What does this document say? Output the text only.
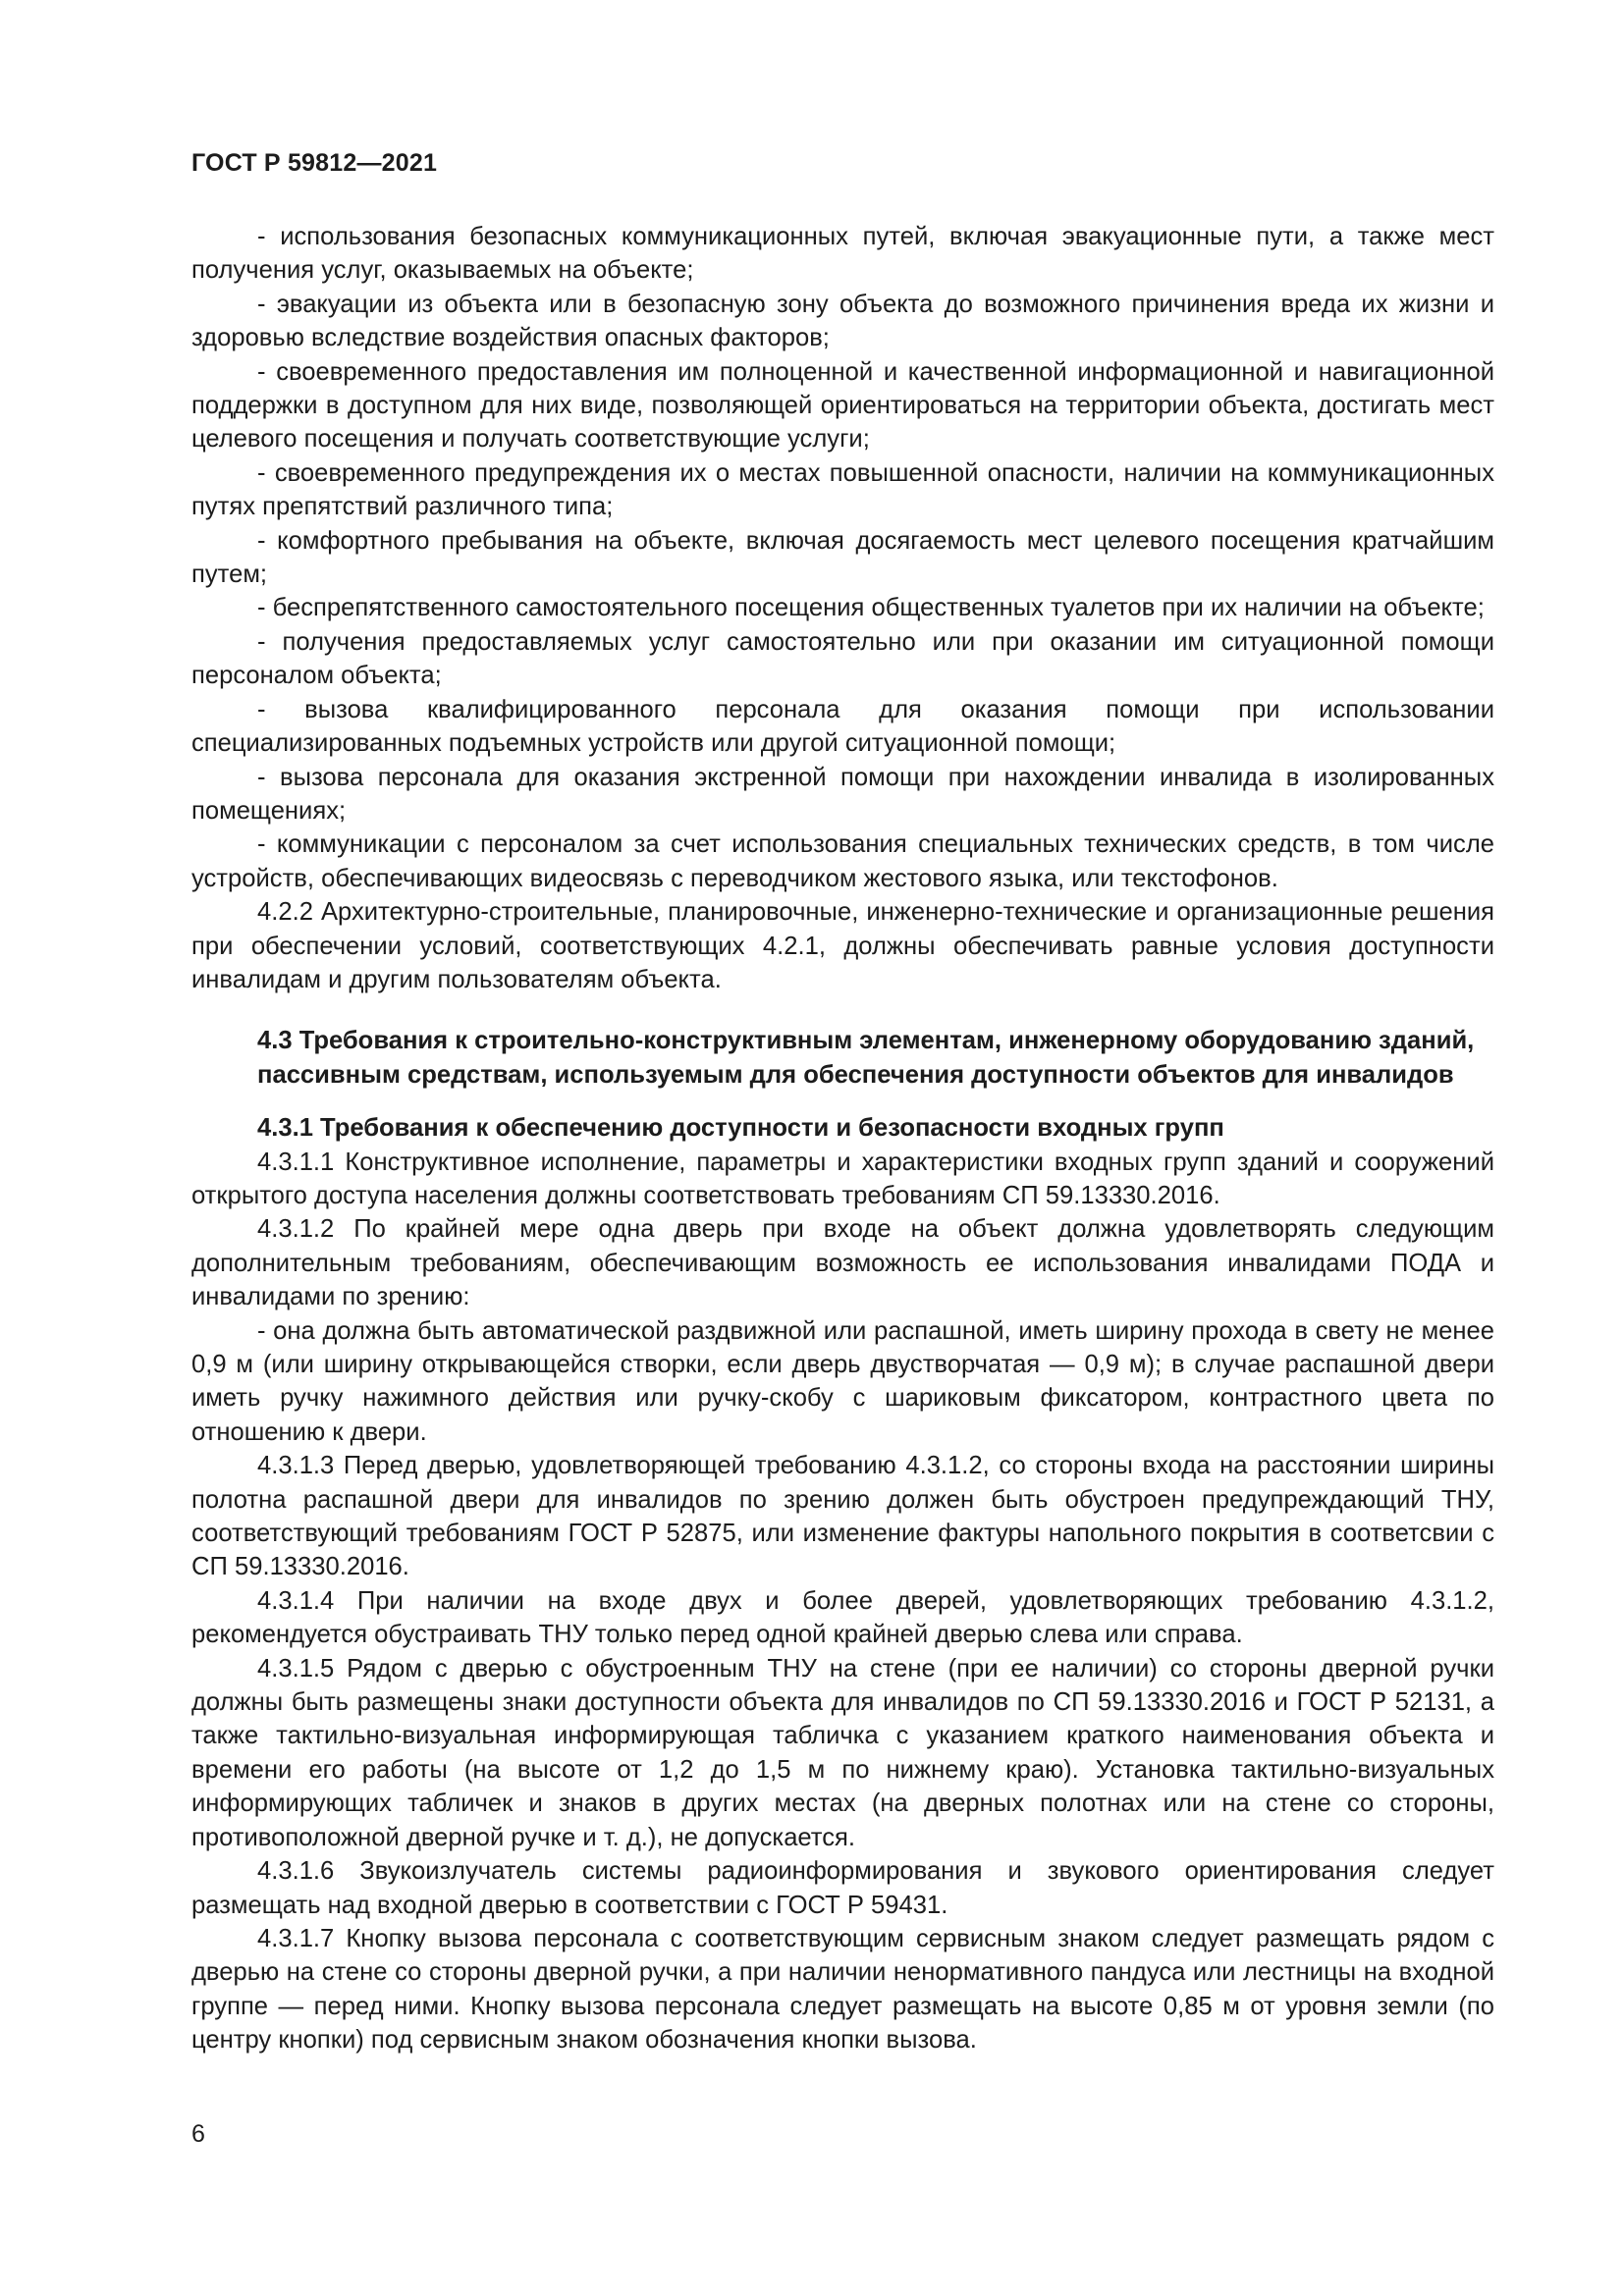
ГОСТ Р 59812—2021

- использования безопасных коммуникационных путей, включая эвакуационные пути, а также мест получения услуг, оказываемых на объекте;

- эвакуации из объекта или в безопасную зону объекта до возможного причинения вреда их жизни и здоровью вследствие воздействия опасных факторов;

- своевременного предоставления им полноценной и качественной информационной и навигационной поддержки в доступном для них виде, позволяющей ориентироваться на территории объекта, достигать мест целевого посещения и получать соответствующие услуги;

- своевременного предупреждения их о местах повышенной опасности, наличии на коммуникационных путях препятствий различного типа;

- комфортного пребывания на объекте, включая досягаемость мест целевого посещения кратчайшим путем;

- беспрепятственного самостоятельного посещения общественных туалетов при их наличии на объекте;

- получения предоставляемых услуг самостоятельно или при оказании им ситуационной помощи персоналом объекта;

- вызова квалифицированного персонала для оказания помощи при использовании специализированных подъемных устройств или другой ситуационной помощи;

- вызова персонала для оказания экстренной помощи при нахождении инвалида в изолированных помещениях;

- коммуникации с персоналом за счет использования специальных технических средств, в том числе устройств, обеспечивающих видеосвязь с переводчиком жестового языка, или текстофонов.

4.2.2 Архитектурно-строительные, планировочные, инженерно-технические и организационные решения при обеспечении условий, соответствующих 4.2.1, должны обеспечивать равные условия доступности инвалидам и другим пользователям объекта.

4.3 Требования к строительно-конструктивным элементам, инженерному оборудованию зданий, пассивным средствам, используемым для обеспечения доступности объектов для инвалидов

4.3.1 Требования к обеспечению доступности и безопасности входных групп

4.3.1.1 Конструктивное исполнение, параметры и характеристики входных групп зданий и сооружений открытого доступа населения должны соответствовать требованиям СП 59.13330.2016.

4.3.1.2 По крайней мере одна дверь при входе на объект должна удовлетворять следующим дополнительным требованиям, обеспечивающим возможность ее использования инвалидами ПОДА и инвалидами по зрению:

- она должна быть автоматической раздвижной или распашной, иметь ширину прохода в свету не менее 0,9 м (или ширину открывающейся створки, если дверь двустворчатая — 0,9 м); в случае распашной двери иметь ручку нажимного действия или ручку-скобу с шариковым фиксатором, контрастного цвета по отношению к двери.

4.3.1.3 Перед дверью, удовлетворяющей требованию 4.3.1.2, со стороны входа на расстоянии ширины полотна распашной двери для инвалидов по зрению должен быть обустроен предупреждающий ТНУ, соответствующий требованиям ГОСТ Р 52875, или изменение фактуры напольного покрытия в соответсвии с СП 59.13330.2016.

4.3.1.4 При наличии на входе двух и более дверей, удовлетворяющих требованию 4.3.1.2, рекомендуется обустраивать ТНУ только перед одной крайней дверью слева или справа.

4.3.1.5 Рядом с дверью с обустроенным ТНУ на стене (при ее наличии) со стороны дверной ручки должны быть размещены знаки доступности объекта для инвалидов по СП 59.13330.2016 и ГОСТ Р 52131, а также тактильно-визуальная информирующая табличка с указанием краткого наименования объекта и времени его работы (на высоте от 1,2 до 1,5 м по нижнему краю). Установка тактильно-визуальных информирующих табличек и знаков в других местах (на дверных полотнах или на стене со стороны, противоположной дверной ручке и т. д.), не допускается.

4.3.1.6 Звукоизлучатель системы радиоинформирования и звукового ориентирования следует размещать над входной дверью в соответствии с ГОСТ Р 59431.

4.3.1.7 Кнопку вызова персонала с соответствующим сервисным знаком следует размещать рядом с дверью на стене со стороны дверной ручки, а при наличии ненормативного пандуса или лестницы на входной группе — перед ними. Кнопку вызова персонала следует размещать на высоте 0,85 м от уровня земли (по центру кнопки) под сервисным знаком обозначения кнопки вызова.

6
